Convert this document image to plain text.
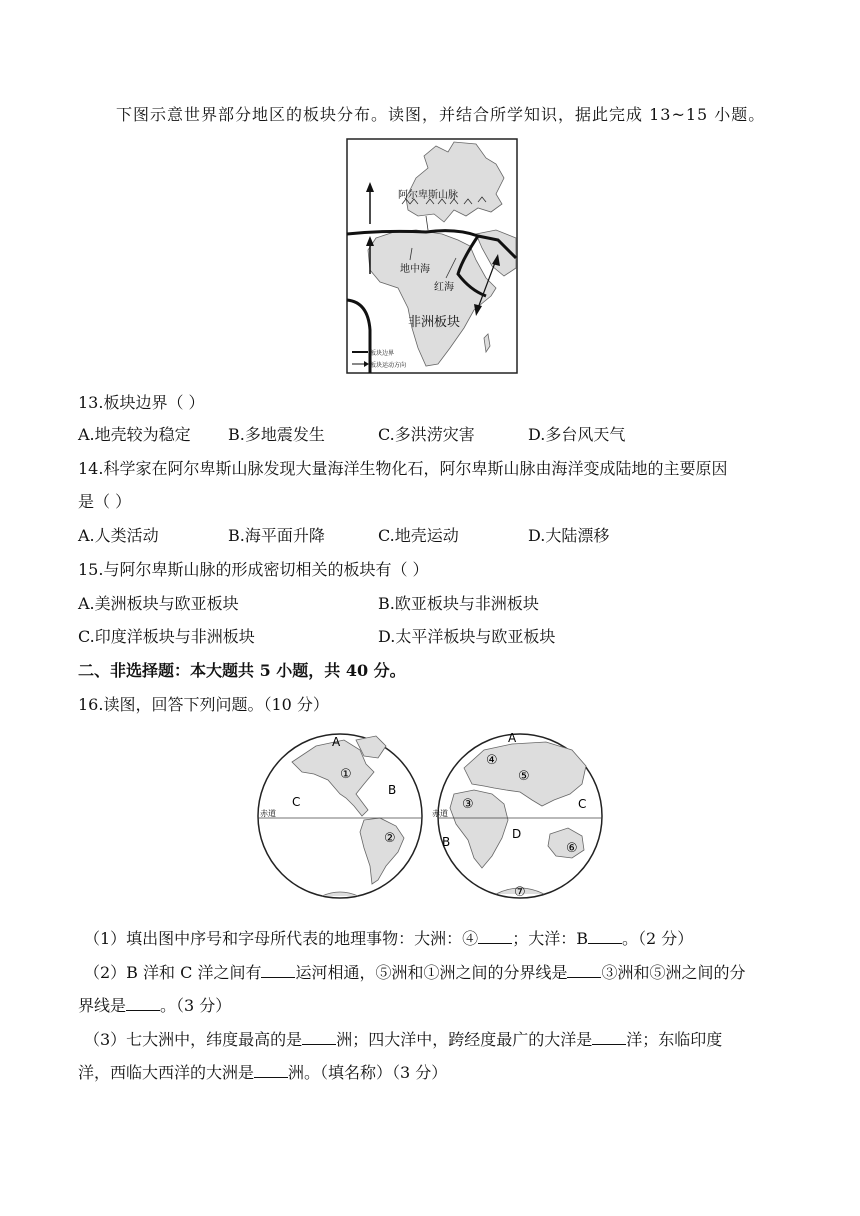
下图示意世界部分地区的板块分布。读图，并结合所学知识，据此完成 13~15 小题。
阿尔卑斯山脉
地中海
红海
非洲板块
板块边界
板块运动方向
13.板块边界（ ）
A.地壳较为稳定 B.多地震发生	C.多洪涝灾害	D.多台风天气
14.科学家在阿尔卑斯山脉发现大量海洋生物化石，阿尔卑斯山脉由海洋变成陆地的主要原因
是（ ）
A.人类活动	B.海平面升降	C.地壳运动	D.大陆漂移
15.与阿尔卑斯山脉的形成密切相关的板块有（ ）
A.美洲板块与欧亚板块	B.欧亚板块与非洲板块
C.印度洋板块与非洲板块	D.太平洋板块与欧亚板块
二、非选择题：本大题共 5 小题，共 40 分。
16.读图，回答下列问题。（10 分）
A
①
B
C
赤道
②
A
④
⑤
③	C
赤道
D
B	⑥
⑦
（1）填出图中序号和字母所代表的地理事物：大洲：④ ；大洋：B 。（2 分）
（2）B 洋和 C 洋之间有 运河相通，⑤洲和①洲之间的分界线是 ③洲和⑤洲之间的分
界线是 。（3 分）
（3）七大洲中，纬度最高的是 洲；四大洋中，跨经度最广的大洋是 洋；东临印度
洋，西临大西洋的大洲是 洲。（填名称）（3 分）
